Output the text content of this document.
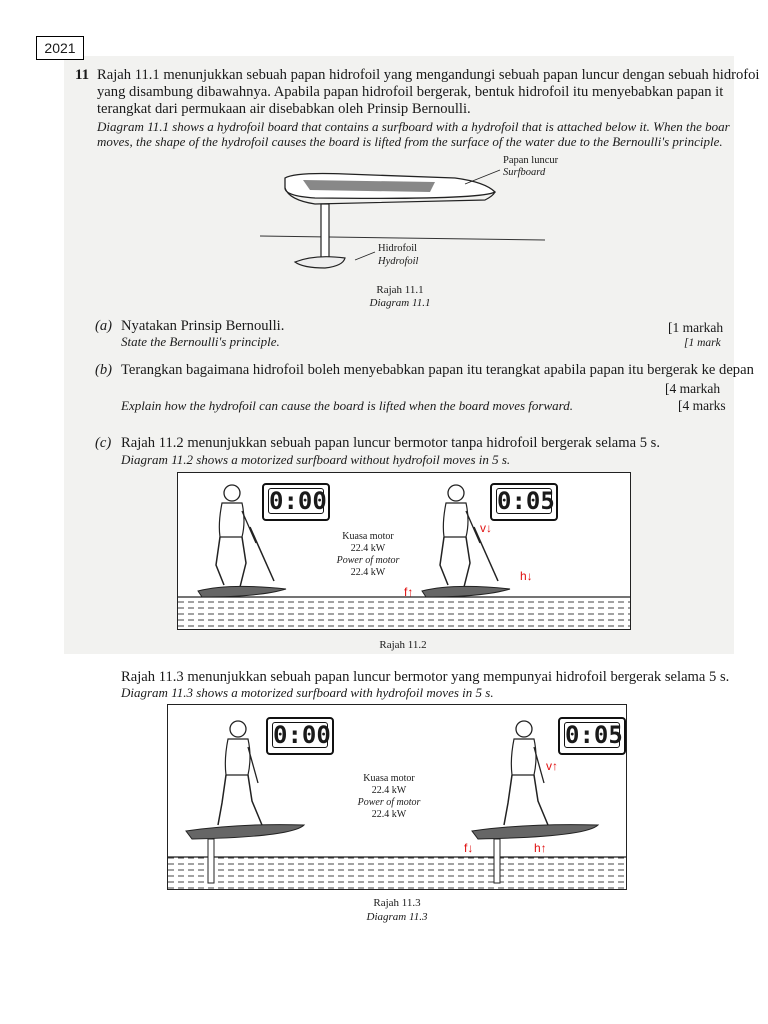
2021
11 Rajah 11.1 menunjukkan sebuah papan hidrofoil yang mengandungi sebuah papan luncur dengan sebuah hidrofoi

yang disambung dibawahnya. Apabila papan hidrofoil bergerak, bentuk hidrofoil itu menyebabkan papan it

terangkat dari permukaan air disebabkan oleh Prinsip Bernoulli.

Diagram 11.1 shows a hydrofoil board that contains a surfboard with a hydrofoil that is attached below it. When the boar

moves, the shape of the hydrofoil causes the board is lifted from the surface of the water due to the Bernoulli's principle.

Papan luncur
Surfboard
Hidrofoil
Hydrofoil
Rajah 11.1
Diagram 11.1
(a) Nyatakan Prinsip Bernoulli.
State the Bernoulli's principle.
[1 markah
[1 mark
(b) Terangkan bagaimana hidrofoil boleh menyebabkan papan itu terangkat apabila papan itu bergerak ke depan
[4 markah
Explain how the hydrofoil can cause the board is lifted when the board moves forward.	[4 marks
(c) Rajah 11.2 menunjukkan sebuah papan luncur bermotor tanpa hidrofoil bergerak selama 5 s.
Diagram 11.2 shows a motorized surfboard without hydrofoil moves in 5 s.
0:00
Kuasa motor
22.4 kW
Power of motor
22.4 kW
0:05
v↓
h↓
f↑
Rajah 11.2
Rajah 11.3 menunjukkan sebuah papan luncur bermotor yang mempunyai hidrofoil bergerak selama 5 s.
Diagram 11.3 shows a motorized surfboard with hydrofoil moves in 5 s.
0:00
Kuasa motor
22.4 kW
Power of motor
22.4 kW
0:05
v↑
f↓	h↑
Rajah 11.3
Diagram 11.3
